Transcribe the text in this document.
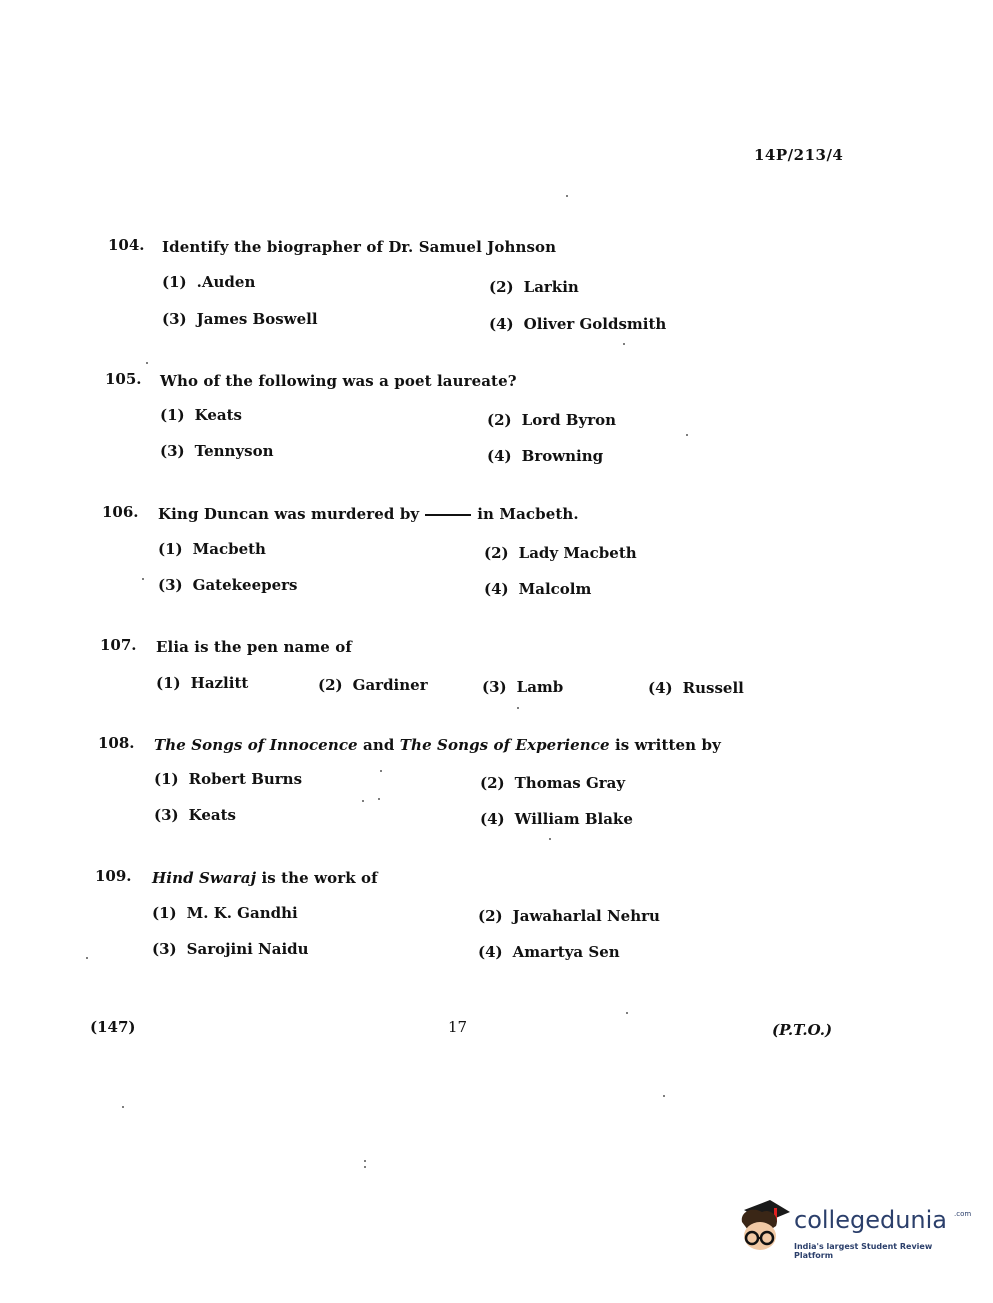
14P/213/4
104. Identify the biographer of Dr. Samuel Johnson
(1) .Auden	(2) Larkin
(3) James Boswell	(4) Oliver Goldsmith
105. Who of the following was a poet laureate?
(1) Keats	(2) Lord Byron
(3) Tennyson	(4) Browning
106. King Duncan was murdered by	in Macbeth.
(1) Macbeth	(2) Lady Macbeth
(3) Gatekeepers	(4) Malcolm
107. Elia is the pen name of
(1) Hazlitt	(2) Gardiner	(3) Lamb	(4) Russell
108. The Songs of Innocence and The Songs of Experience is written by
(1) Robert Burns	(2) Thomas Gray
(3) Keats	(4) William Blake
109. Hind Swaraj is the work of
(1) M. K. Gandhi	(2) Jawaharlal Nehru
(3) Sarojini Naidu	(4) Amartya Sen
(147)	17	(P.T.O.)
collegedunia .com
India's largest Student Review Platform
